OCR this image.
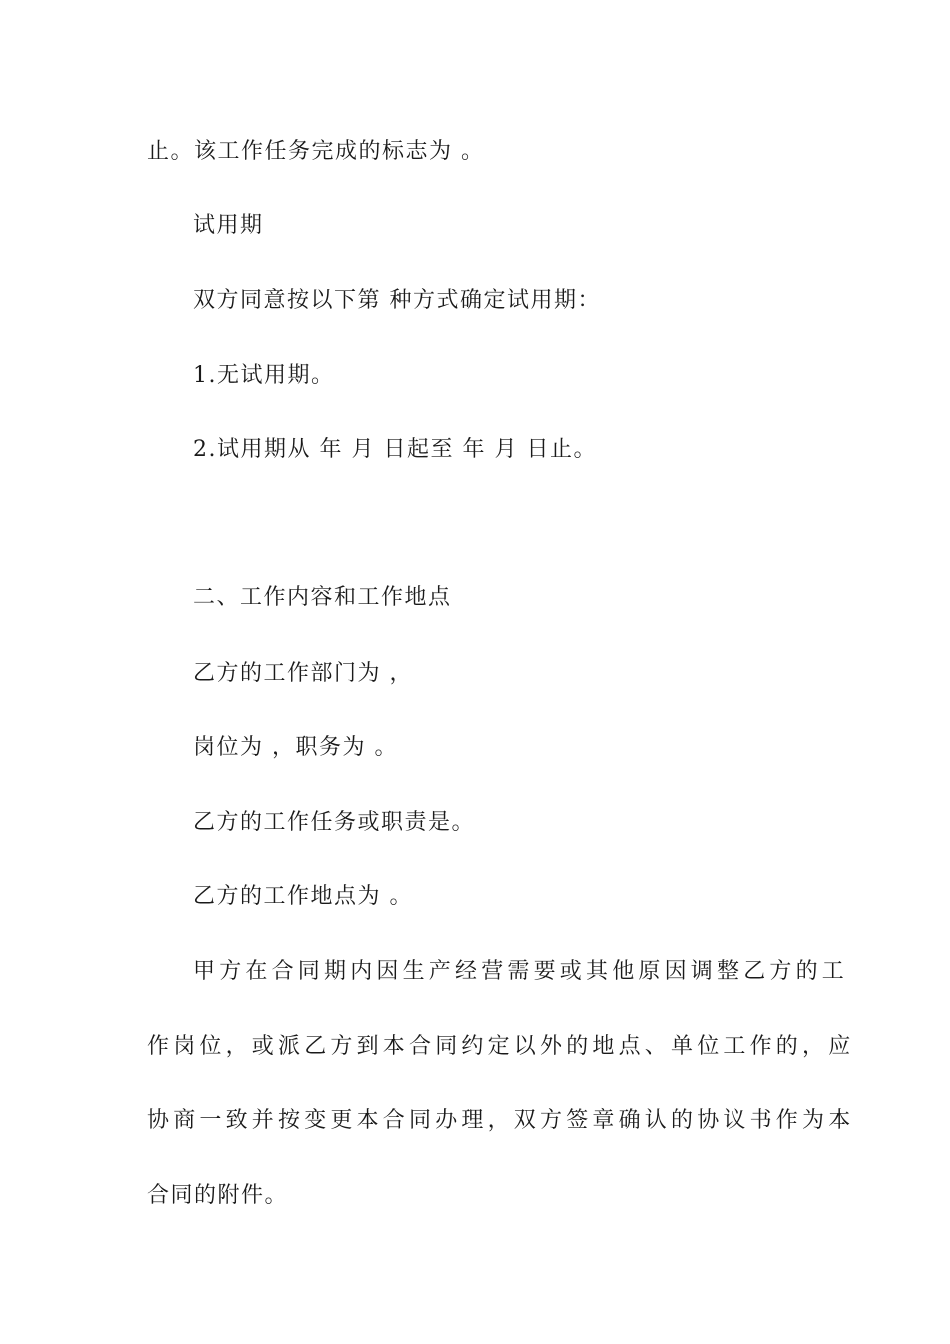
止。该工作任务完成的标志为 。
试用期
双方同意按以下第 种方式确定试用期：
1.无试用期。
2.试用期从 年 月 日起至 年 月 日止。
二、工作内容和工作地点
乙方的工作部门为 ，
岗位为 ，职务为 。
乙方的工作任务或职责是。
乙方的工作地点为 。
甲方在合同期内因生产经营需要或其他原因调整乙方的工
作岗位，或派乙方到本合同约定以外的地点、单位工作的，应
协商一致并按变更本合同办理，双方签章确认的协议书作为本
合同的附件。
